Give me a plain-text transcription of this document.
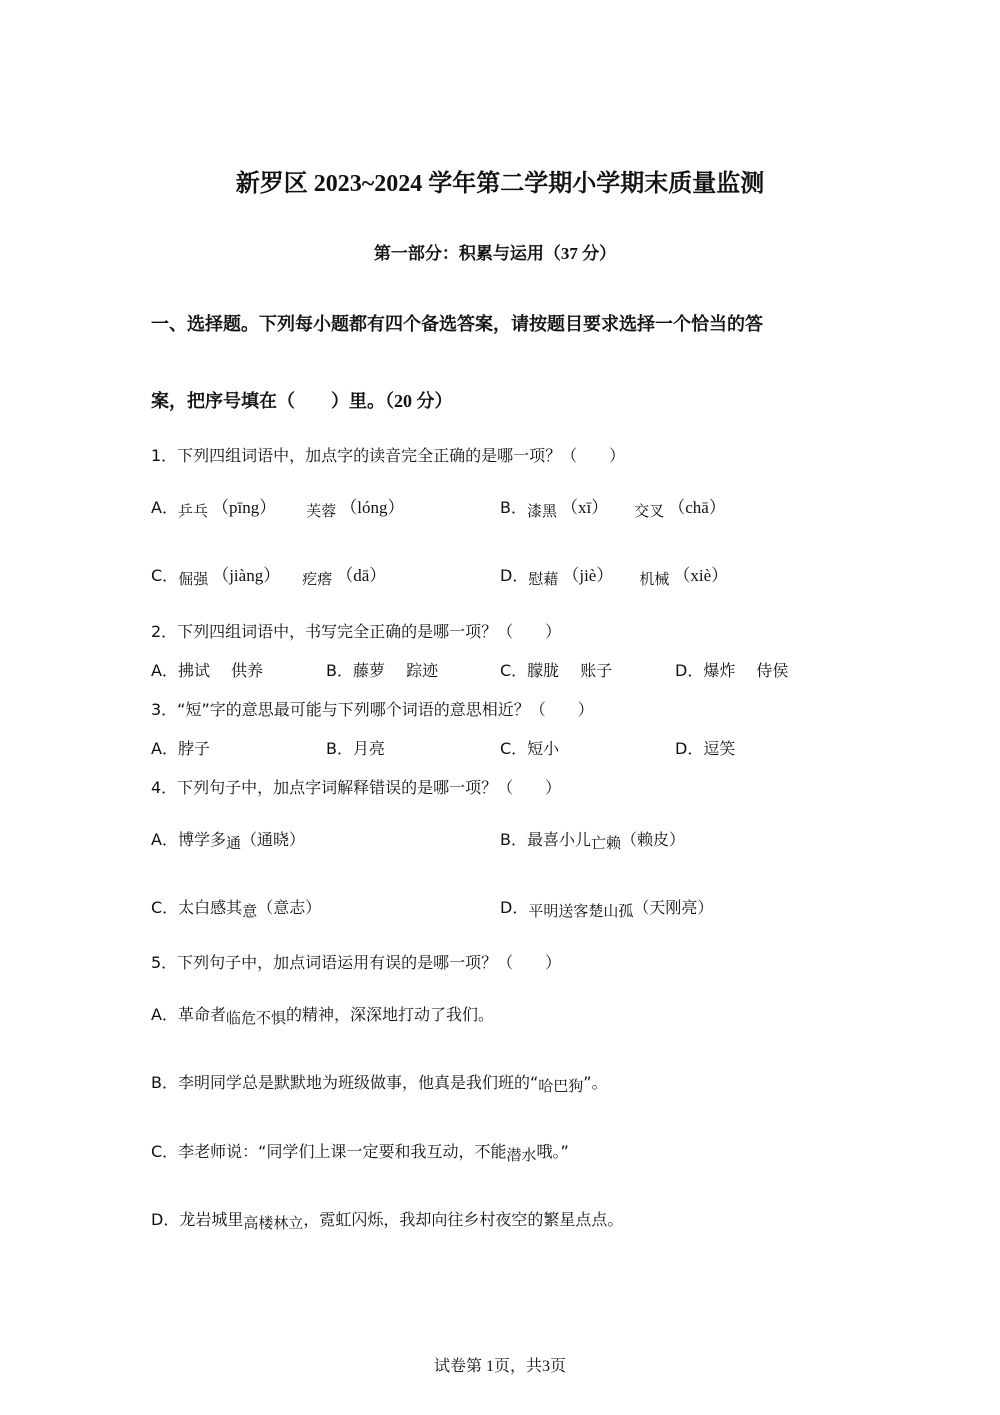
新罗区 2023~2024 学年第二学期小学期末质量监测
第一部分：积累与运用（37 分）
一、选择题。下列每小题都有四个备选答案，请按题目要求选择一个恰当的答
案，把序号填在（　　）里。（20 分）
1．下列四组词语中，加点字的读音完全正确的是哪一项？（　　）
A．乒乓 （pīng） 芙蓉 （lóng）	B．漆黑 （xī） 交叉 （chā）
C．倔强 （jiàng） 疙瘩 （dā）	D．慰藉 （jiè） 机械 （xiè）
2．下列四组词语中，书写完全正确的是哪一项？（　　）
A．拂试　 供养	B．藤萝　 踪迹	C．朦胧　 账子	D．爆炸　 侍侯
3．“短”字的意思最可能与下列哪个词语的意思相近？（　　）
A．脖子	B．月亮	C．短小	D．逗笑
4．下列句子中，加点字词解释错误的是哪一项？（　　）
A．博学多通（通晓）	B．最喜小儿亡赖（赖皮）
C．太白感其意（意志）	D．平明送客楚山孤（天刚亮）
5．下列句子中，加点词语运用有误的是哪一项？（　　）
A．革命者临危不惧的精神，深深地打动了我们。
B．李明同学总是默默地为班级做事，他真是我们班的“哈巴狗”。
C．李老师说：“同学们上课一定要和我互动，不能潜水哦。”
D．龙岩城里高楼林立，霓虹闪烁，我却向往乡村夜空的繁星点点。
试卷第 1页，共3页
